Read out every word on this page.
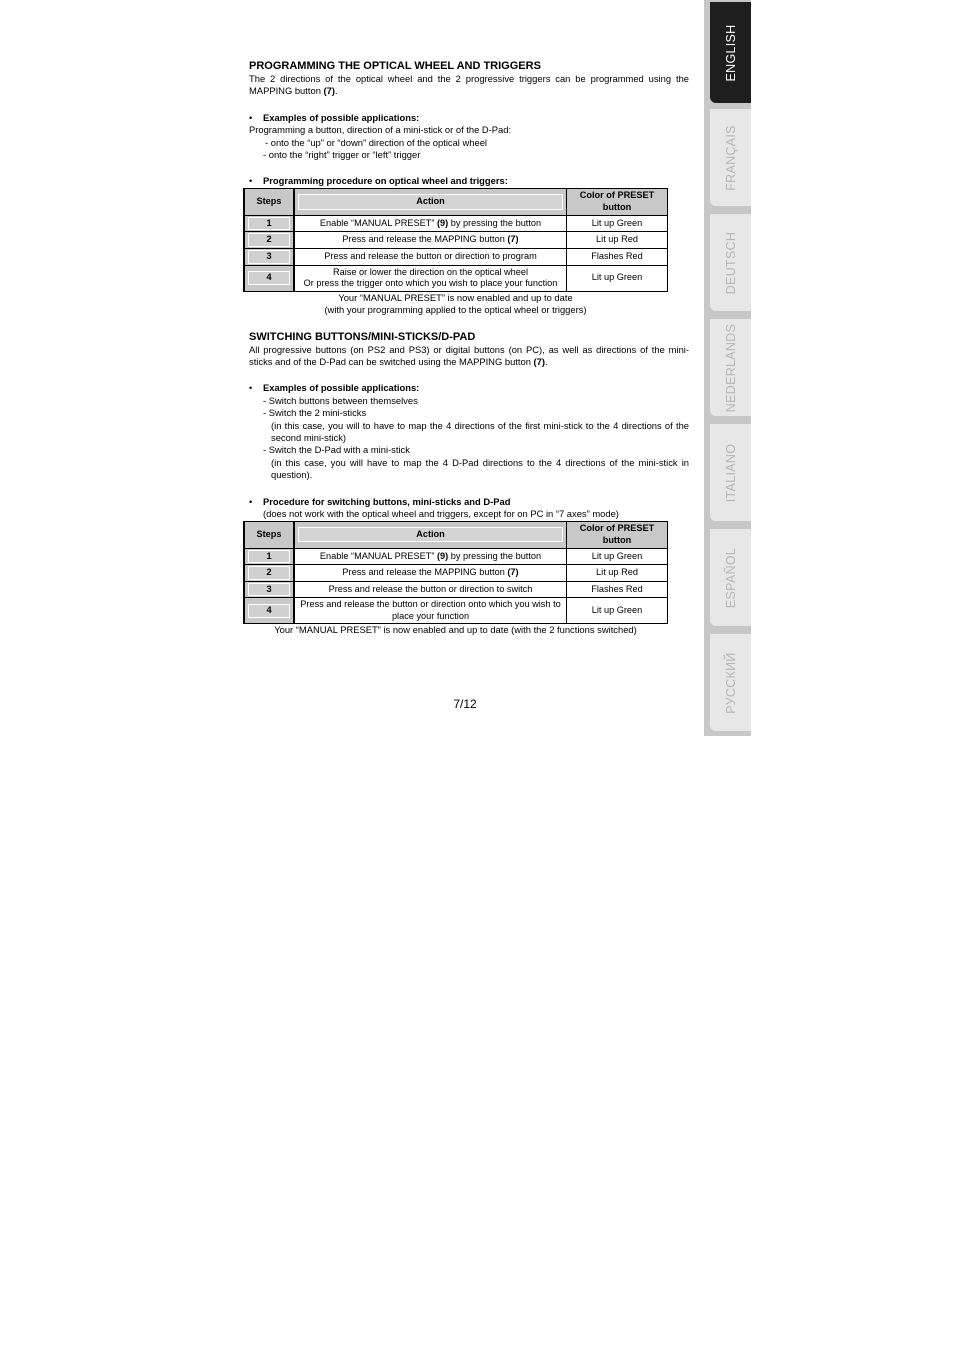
PROGRAMMING THE OPTICAL WHEEL AND TRIGGERS
The 2 directions of the optical wheel and the 2 progressive triggers can be programmed using the MAPPING button (7).
• Examples of possible applications:
Programming a button, direction of a mini-stick or of the D-Pad:
- onto the “up” or “down” direction of the optical wheel
- onto the “right” trigger or “left” trigger
• Programming procedure on optical wheel and triggers:
Steps	Action	Color of PRESET button

1	Enable “MANUAL PRESET” (9) by pressing the button	Lit up Green

2	Press and release the MAPPING button (7)	Lit up Red

3	Press and release the button or direction to program	Flashes Red

4	Raise or lower the direction on the optical wheel
Or press the trigger onto which you wish to place your function	Lit up Green
Your “MANUAL PRESET” is now enabled and up to date
(with your programming applied to the optical wheel or triggers)
SWITCHING BUTTONS/MINI-STICKS/D-PAD
All progressive buttons (on PS2 and PS3) or digital buttons (on PC), as well as directions of the mini-sticks and of the D-Pad can be switched using the MAPPING button (7).
• Examples of possible applications:
- Switch buttons between themselves
- Switch the 2 mini-sticks
(in this case, you will to have to map the 4 directions of the first mini-stick to the 4 directions of the second mini-stick)
- Switch the D-Pad with a mini-stick
(in this case, you will have to map the 4 D-Pad directions to the 4 directions of the mini-stick in question).
• Procedure for switching buttons, mini-sticks and D-Pad
(does not work with the optical wheel and triggers, except for on PC in “7 axes” mode)
Steps	Action	Color of PRESET button

1	Enable “MANUAL PRESET” (9) by pressing the button	Lit up Green

2	Press and release the MAPPING button (7)	Lit up Red

3	Press and release the button or direction to switch	Flashes Red

4	Press and release the button or direction onto which you wish to place your function	Lit up Green
Your “MANUAL PRESET” is now enabled and up to date (with the 2 functions switched)
7/12
ENGLISH
FRANÇAIS
DEUTSCH
NEDERLANDS
ITALIANO
ESPAÑOL
РУССКИЙ
